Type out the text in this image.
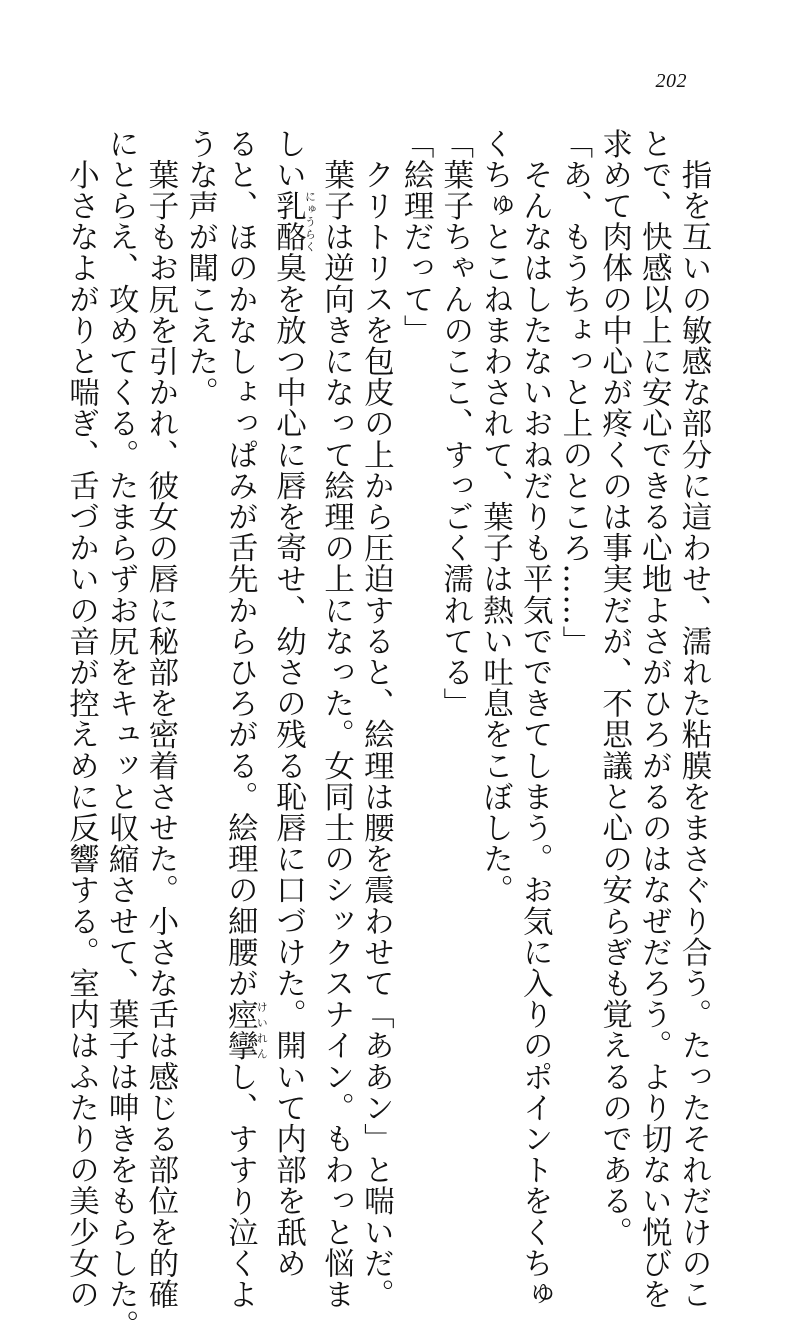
202
　指を互いの敏感な部分に這わせ、濡れた粘膜をまさぐり合う。たったそれだけのこ
とで、快感以上に安心できる心地よさがひろがるのはなぜだろう。より切ない悦びを
求めて肉体の中心が疼くのは事実だが、不思議と心の安らぎも覚えるのである。
「あ、もうちょっと上のところ……」
　そんなはしたないおねだりも平気でできてしまう。お気に入りのポイントをくちゅ
くちゅとこねまわされて、葉子は熱い吐息をこぼした。
「葉子ちゃんのここ、すっごく濡れてる」
「絵理だって」
　クリトリスを包皮の上から圧迫すると、絵理は腰を震わせて「ああン」と喘いだ。
　葉子は逆向きになって絵理の上になった。女同士のシックスナイン。もわっと悩ま
しい乳酪にゅうらく臭を放つ中心に唇を寄せ、幼さの残る恥唇に口づけた。開いて内部を舐め
ると、ほのかなしょっぱみが舌先からひろがる。絵理の細腰が痙攣けいれんし、すすり泣くよ
うな声が聞こえた。
　葉子もお尻を引かれ、彼女の唇に秘部を密着させた。小さな舌は感じる部位を的確
にとらえ、攻めてくる。たまらずお尻をキュッと収縮させて、葉子は呻きをもらした。
　小さなよがりと喘ぎ、舌づかいの音が控えめに反響する。室内はふたりの美少女の
